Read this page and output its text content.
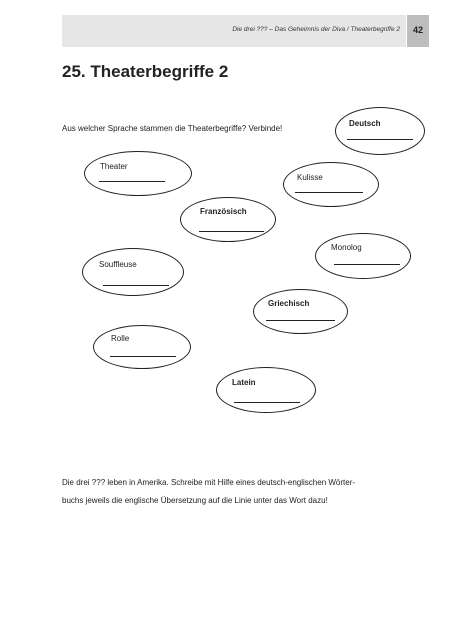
Die drei ??? – Das Geheimnis der Diva / Theaterbegriffe 2	42
25. Theaterbegriffe 2
Aus welcher Sprache stammen die Theaterbegriffe? Verbinde!
Deutsch
Theater
Kulisse
Französisch
Monolog
Souffleuse
Griechisch
Rolle
Latein
Die drei ??? leben in Amerika. Schreibe mit Hilfe eines deutsch-englischen Wörter-
buchs jeweils die englische Übersetzung auf die Linie unter das Wort dazu!
